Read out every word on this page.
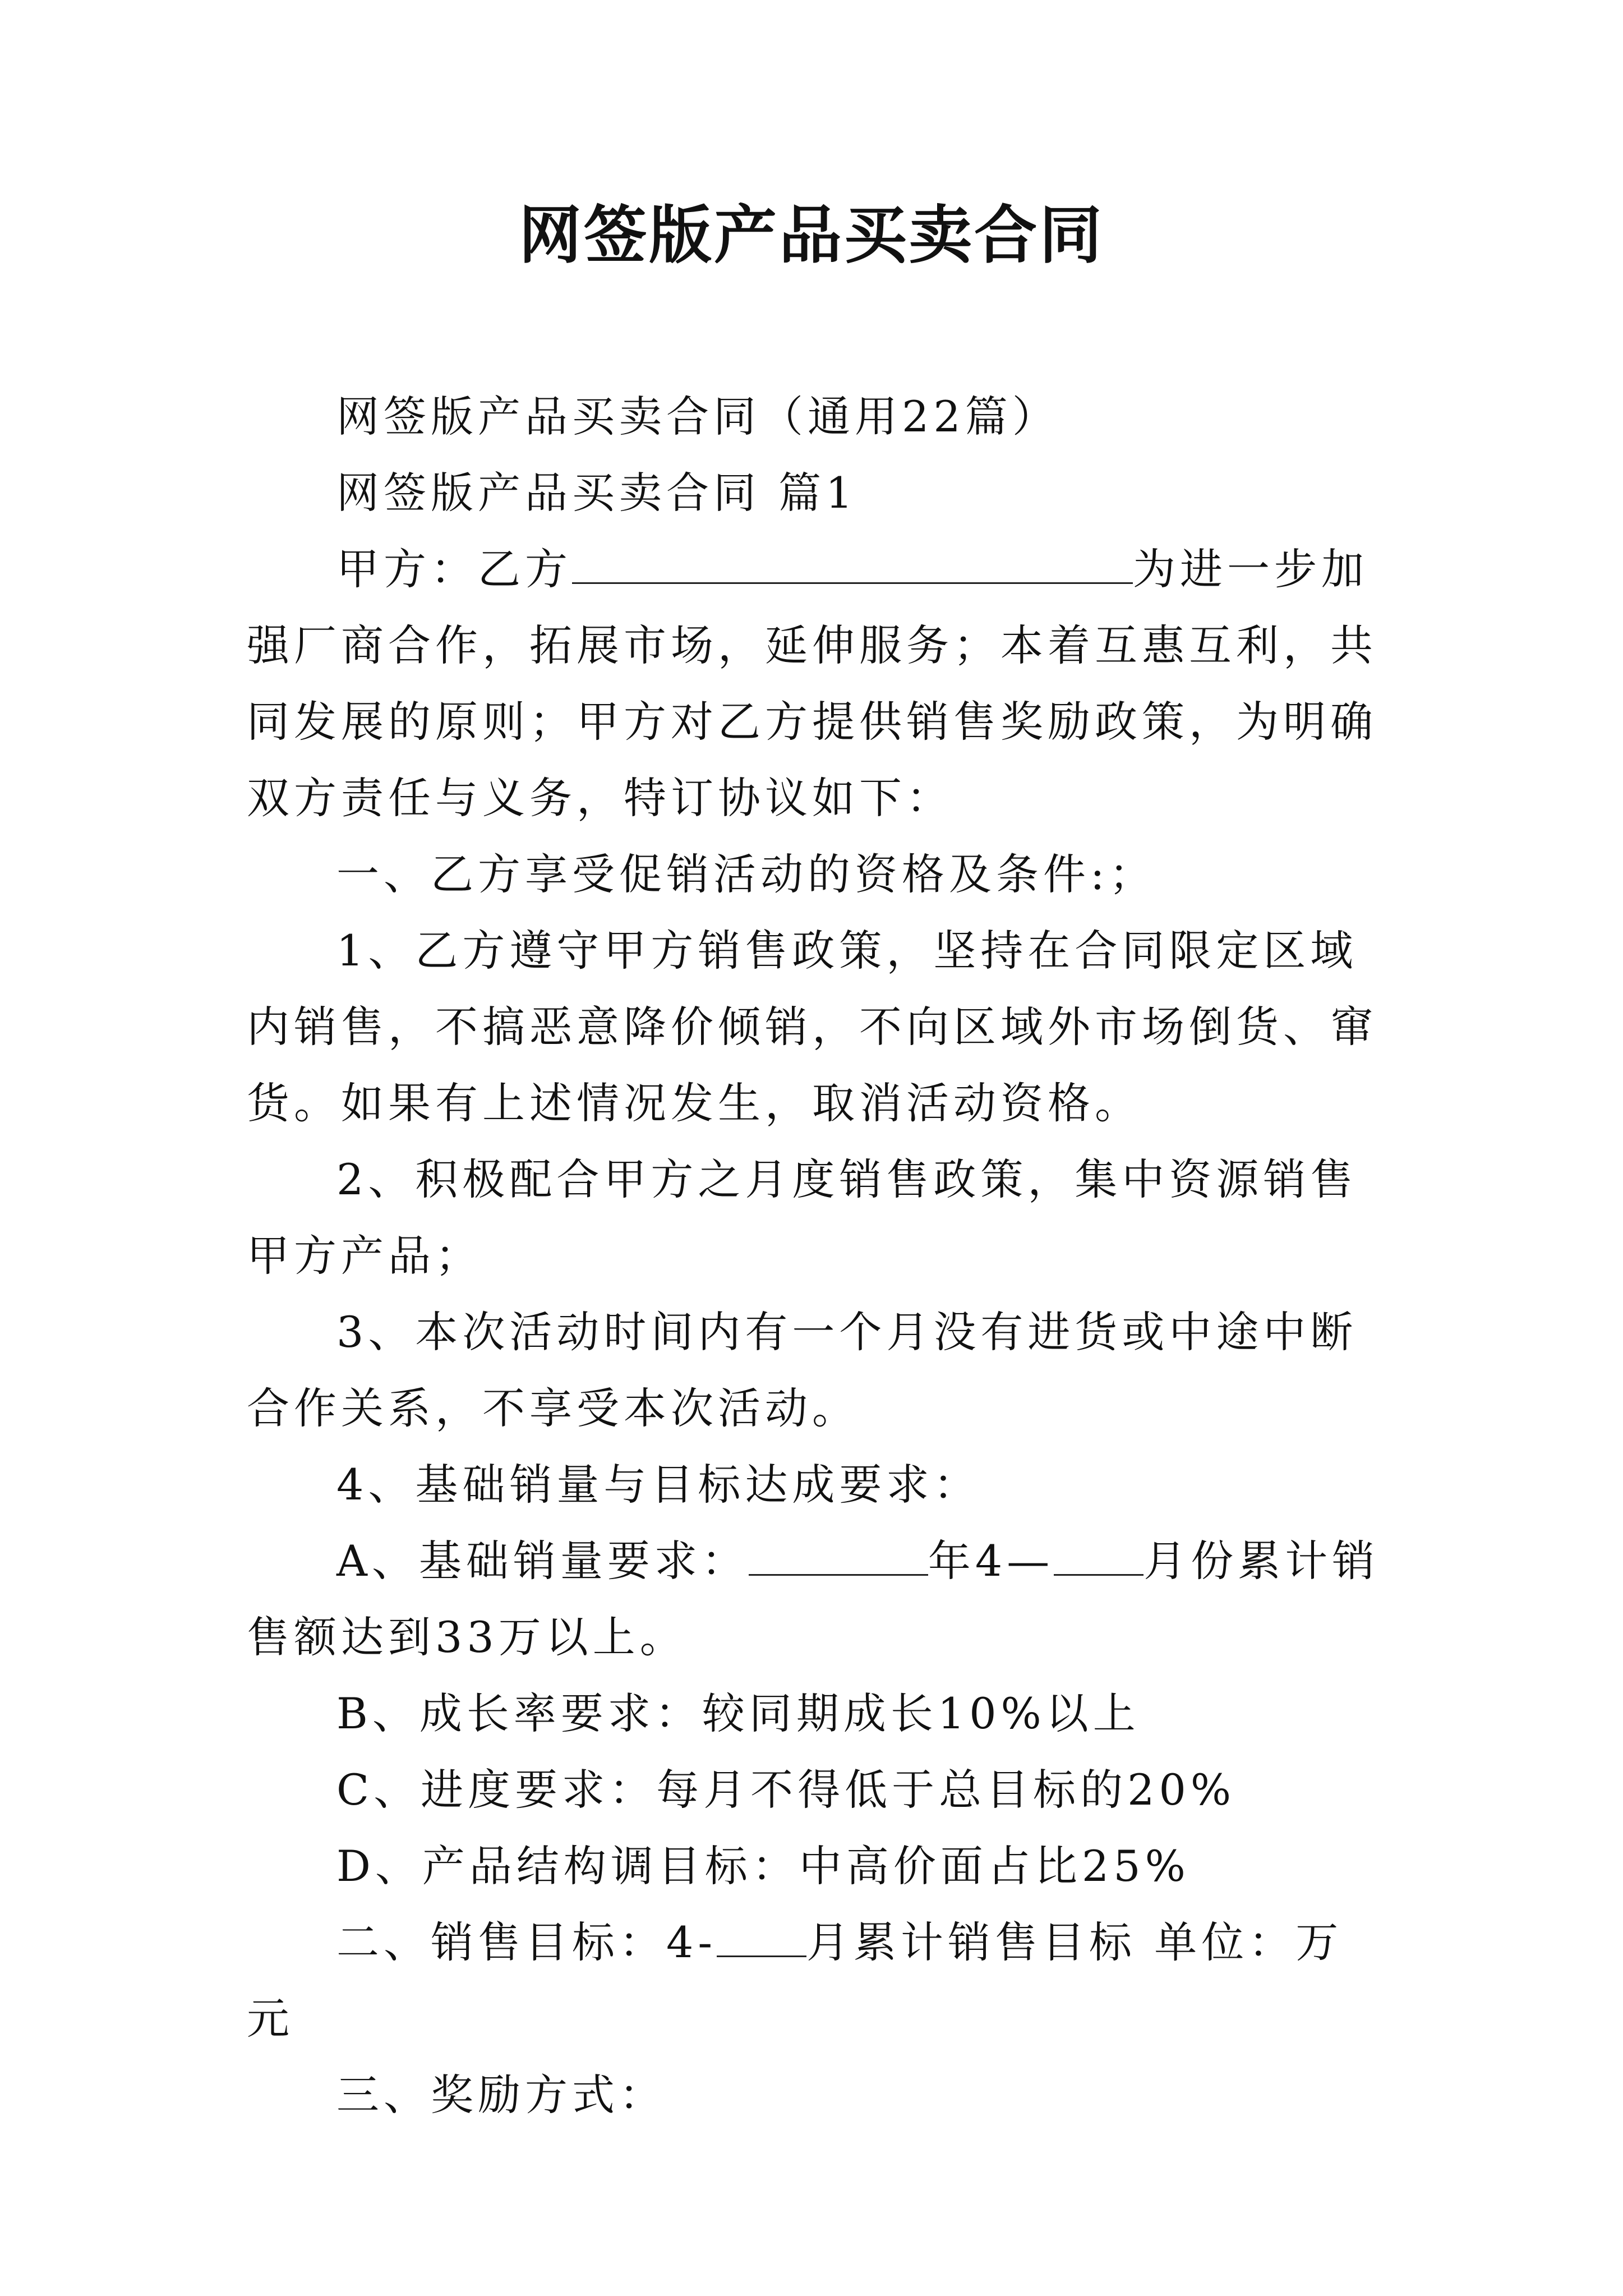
网签版产品买卖合同

网签版产品买卖合同（通用22篇）

网签版产品买卖合同 篇1

甲方：乙方	为进一步加强厂商合作，拓展市场，延伸服务；本着互惠互利，共同发展的原则；甲方对乙方提供销售奖励政策，为明确双方责任与义务，特订协议如下：

一、乙方享受促销活动的资格及条件:；

1、乙方遵守甲方销售政策，坚持在合同限定区域内销售，不搞恶意降价倾销，不向区域外市场倒货、窜货。如果有上述情况发生，取消活动资格。

2、积极配合甲方之月度销售政策，集中资源销售甲方产品；

3、本次活动时间内有一个月没有进货或中途中断合作关系，不享受本次活动。

4、基础销量与目标达成要求：

A、基础销量要求：	年4— 月份累计销售额达到33万以上。

B、成长率要求：较同期成长10%以上

C、进度要求：每月不得低于总目标的20%

D、产品结构调目标：中高价面占比25%

二、销售目标：4- 月累计销售目标 单位：万元

三、奖励方式：
